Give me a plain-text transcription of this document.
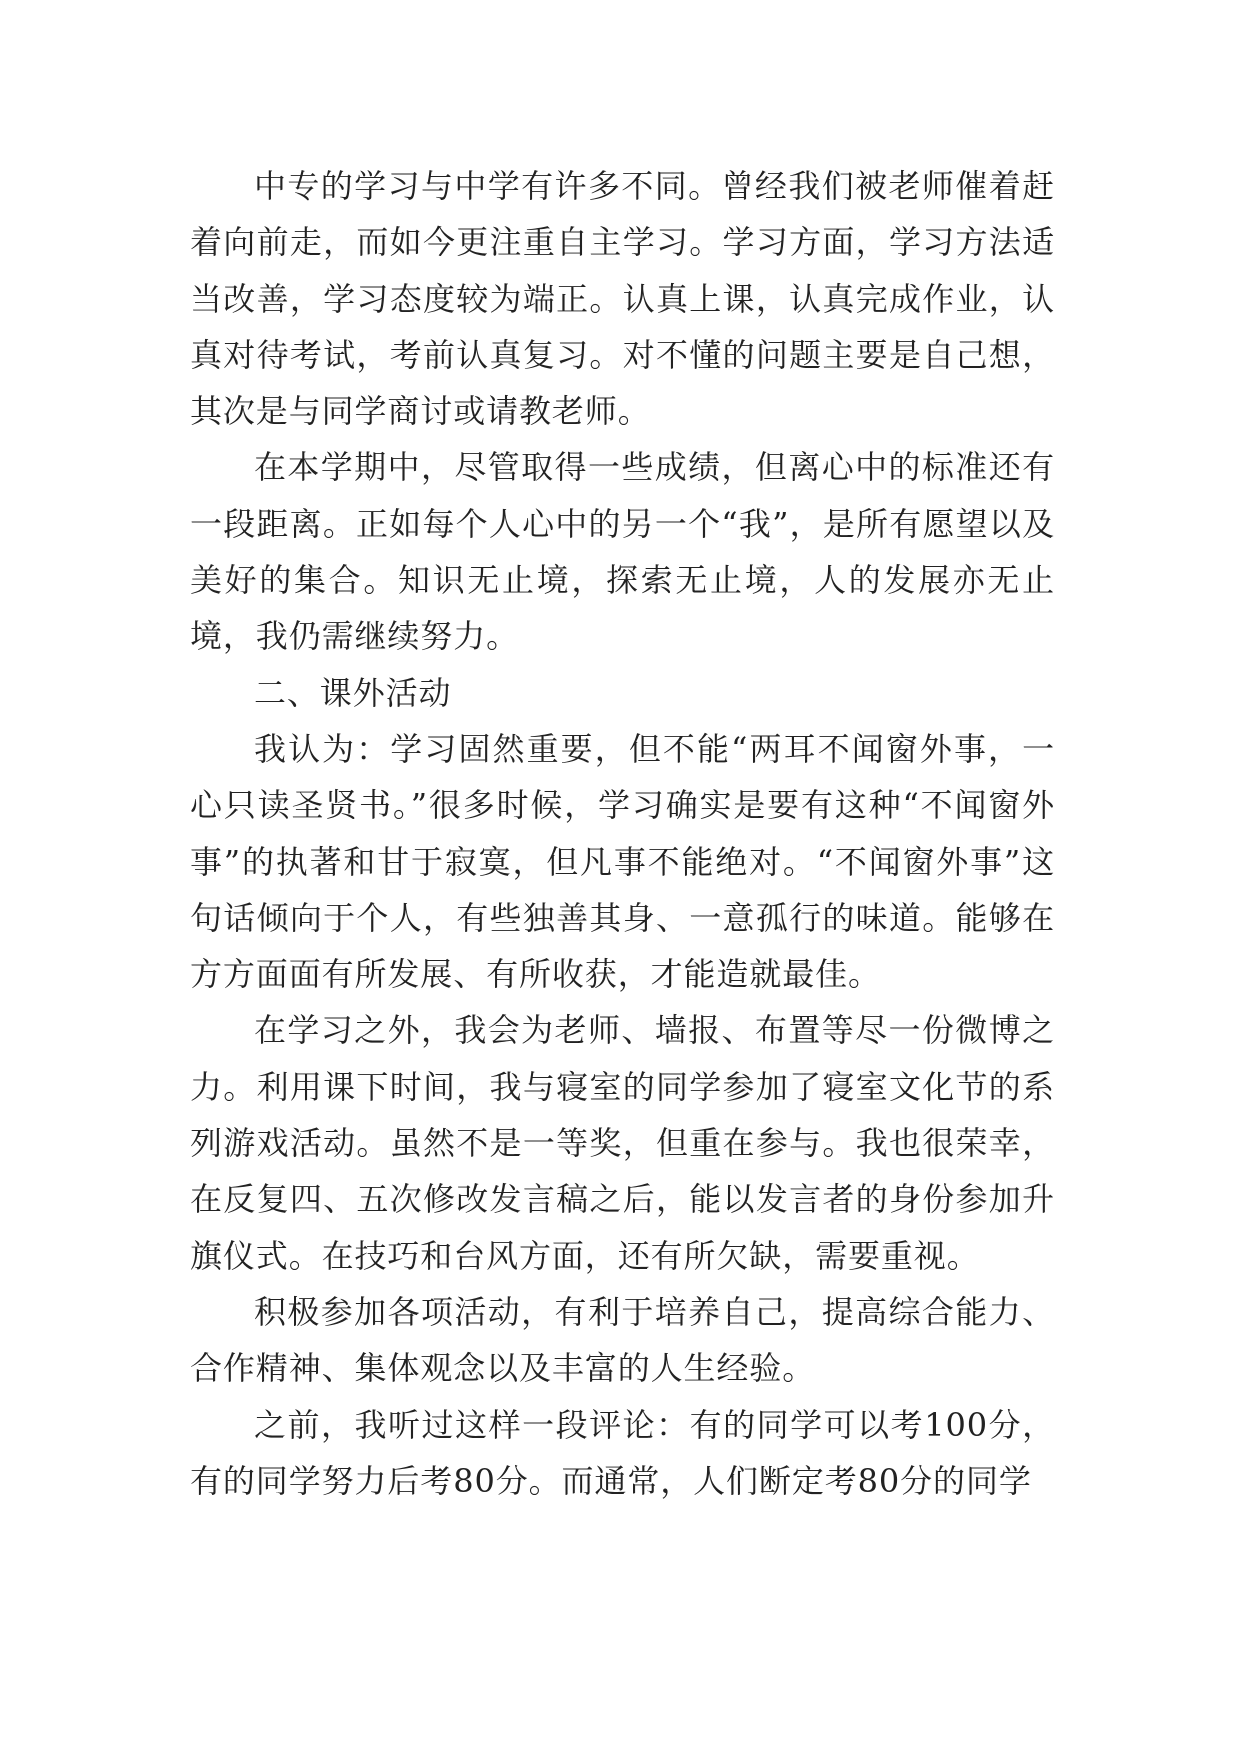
中专的学习与中学有许多不同。曾经我们被老师催着赶着向前走，而如今更注重自主学习。学习方面，学习方法适当改善，学习态度较为端正。认真上课，认真完成作业，认真对待考试，考前认真复习。对不懂的问题主要是自己想，其次是与同学商讨或请教老师。

在本学期中，尽管取得一些成绩，但离心中的标准还有一段距离。正如每个人心中的另一个“我”，是所有愿望以及美好的集合。知识无止境，探索无止境，人的发展亦无止境，我仍需继续努力。

二、课外活动

我认为：学习固然重要，但不能“两耳不闻窗外事，一心只读圣贤书。”很多时候，学习确实是要有这种“不闻窗外事”的执著和甘于寂寞，但凡事不能绝对。“不闻窗外事”这句话倾向于个人，有些独善其身、一意孤行的味道。能够在方方面面有所发展、有所收获，才能造就最佳。

在学习之外，我会为老师、墙报、布置等尽一份微博之力。利用课下时间，我与寝室的同学参加了寝室文化节的系列游戏活动。虽然不是一等奖，但重在参与。我也很荣幸，在反复四、五次修改发言稿之后，能以发言者的身份参加升旗仪式。在技巧和台风方面，还有所欠缺，需要重视。

积极参加各项活动，有利于培养自己，提高综合能力、合作精神、集体观念以及丰富的人生经验。

之前，我听过这样一段评论：有的同学可以考100分，有的同学努力后考80分。而通常，人们断定考80分的同学
